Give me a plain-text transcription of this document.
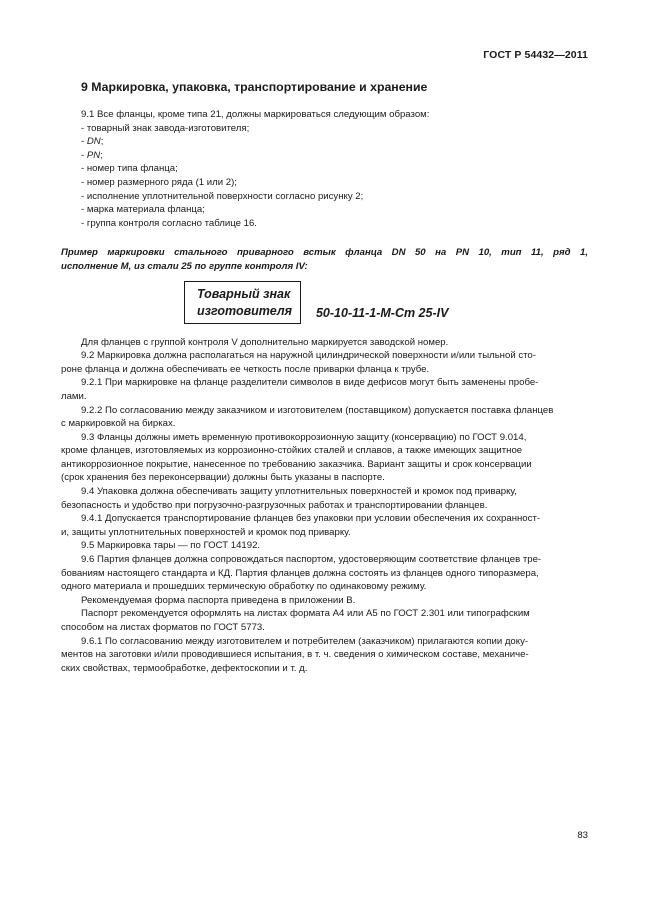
ГОСТ Р 54432—2011
9 Маркировка, упаковка, транспортирование и хранение

9.1 Все фланцы, кроме типа 21, должны маркироваться следующим образом:

- товарный знак завода-изготовителя;

- DN;

- PN;

- номер типа фланца;

- номер размерного ряда (1 или 2);

- исполнение уплотнительной поверхности согласно рисунку 2;

- марка материала фланца;

- группа контроля согласно таблице 16.

Пример маркировки стального приварного встык фланца DN 50 на PN 10, тип 11, ряд 1,
исполнение М, из стали 25 по группе контроля IV:
Товарный знак
изготовителя 50-10-11-1-М-Ст 25-IV

Для фланцев с группой контроля V дополнительно маркируется заводской номер.

9.2 Маркировка должна располагаться на наружной цилиндрической поверхности и/или тыльной сто-

роне фланца и должна обеспечивать ее четкость после приварки фланца к трубе.

9.2.1 При маркировке на фланце разделители символов в виде дефисов могут быть заменены пробе-

лами.

9.2.2 По согласованию между заказчиком и изготовителем (поставщиком) допускается поставка фланцев

с маркировкой на бирках.

9.3 Фланцы должны иметь временную противокоррозионную защиту (консервацию) по ГОСТ 9.014,

кроме фланцев, изготовляемых из коррозионно-стойких сталей и сплавов, а также имеющих защитное

антикоррозионное покрытие, нанесенное по требованию заказчика. Вариант защиты и срок консервации

(срок хранения без переконсервации) должны быть указаны в паспорте.

9.4 Упаковка должна обеспечивать защиту уплотнительных поверхностей и кромок под приварку,

безопасность и удобство при погрузочно-разгрузочных работах и транспортировании фланцев.

9.4.1 Допускается транспортирование фланцев без упаковки при условии обеспечения их сохранност-

и, защиты уплотнительных поверхностей и кромок под приварку.

9.5 Маркировка тары — по ГОСТ 14192.

9.6 Партия фланцев должна сопровождаться паспортом, удостоверяющим соответствие фланцев тре-

бованиям настоящего стандарта и КД. Партия фланцев должна состоять из фланцев одного типоразмера,

одного материала и прошедших термическую обработку по одинаковому режиму.

Рекомендуемая форма паспорта приведена в приложении В.

Паспорт рекомендуется оформлять на листах формата А4 или А5 по ГОСТ 2.301 или типографским

способом на листах форматов по ГОСТ 5773.

9.6.1 По согласованию между изготовителем и потребителем (заказчиком) прилагаются копии доку-

ментов на заготовки и/или проводившиеся испытания, в т. ч. сведения о химическом составе, механиче-

ских свойствах, термообработке, дефектоскопии и т. д.

83
